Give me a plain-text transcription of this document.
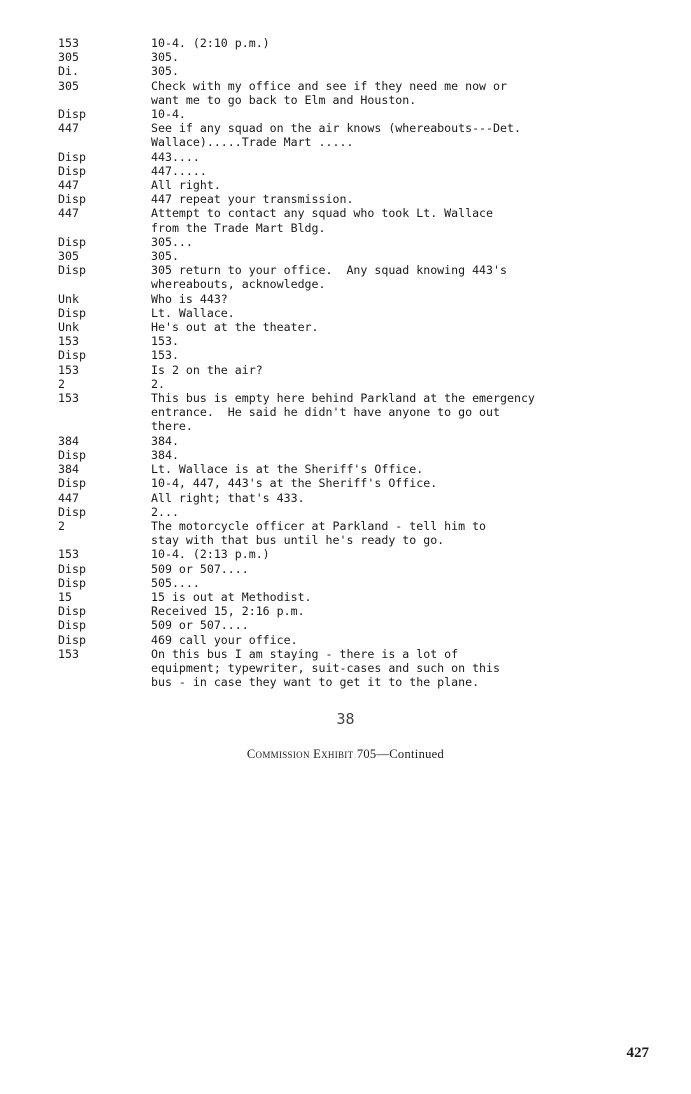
153	10-4. (2:10 p.m.)
305	305.
Di.	305.
305	Check with my office and see if they need me now or
want me to go back to Elm and Houston.
Disp	10-4.
447	See if any squad on the air knows (whereabouts---Det.
Wallace).....Trade Mart .....
Disp	443....
Disp	447.....
447	All right.
Disp	447 repeat your transmission.
447	Attempt to contact any squad who took Lt. Wallace
from the Trade Mart Bldg.
Disp	305...
305	305.
Disp	305 return to your office.  Any squad knowing 443's
whereabouts, acknowledge.
Unk	Who is 443?
Disp	Lt. Wallace.
Unk	He's out at the theater.
153	153.
Disp	153.
153	Is 2 on the air?
2	2.
153	This bus is empty here behind Parkland at the emergency
entrance.  He said he didn't have anyone to go out
there.
384	384.
Disp	384.
384	Lt. Wallace is at the Sheriff's Office.
Disp	10-4, 447, 443's at the Sheriff's Office.
447	All right; that's 433.
Disp	2...
2	The motorcycle officer at Parkland - tell him to
stay with that bus until he's ready to go.
153	10-4. (2:13 p.m.)
Disp	509 or 507....
Disp	505....
15	15 is out at Methodist.
Disp	Received 15, 2:16 p.m.
Disp	509 or 507....
Disp	469 call your office.
153	On this bus I am staying - there is a lot of
equipment; typewriter, suit-cases and such on this
bus - in case they want to get it to the plane.
38
Commission Exhibit 705—Continued
427
